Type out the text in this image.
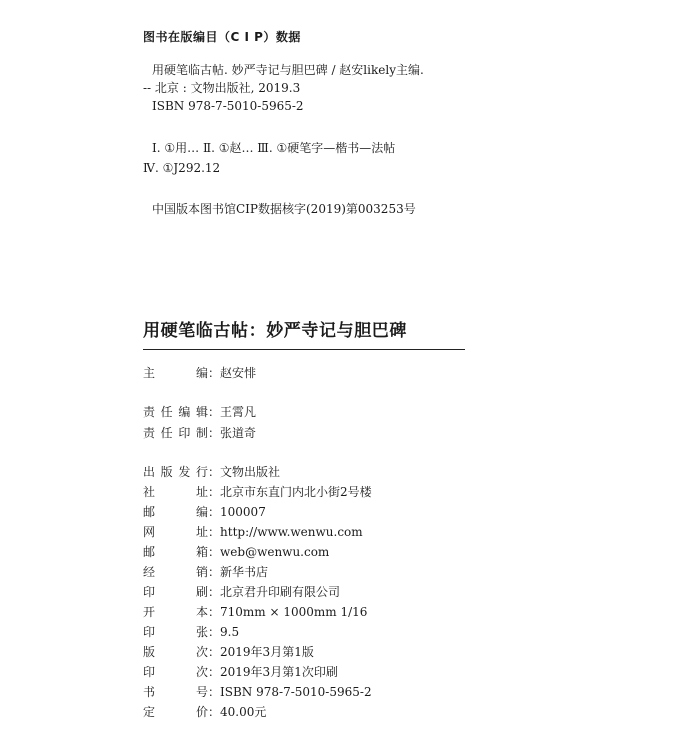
图书在版编目（C I P）数据
用硬笔临古帖. 妙严寺记与胆巴碑 / 赵安likely主编.
-- 北京 : 文物出版社, 2019.3
ISBN 978-7-5010-5965-2
Ⅰ. ①用… Ⅱ. ①赵… Ⅲ. ①硬笔字—楷书—法帖
Ⅳ. ①J292.12
中国版本图书馆CIP数据核字(2019)第003253号
用硬笔临古帖：妙严寺记与胆巴碑
主编：赵安悱
责任编辑：王霄凡
责任印制：张道奇
出版发行：文物出版社
社址：北京市东直门内北小街2号楼
邮编：100007
网址：http://www.wenwu.com
邮箱：web@wenwu.com
经销：新华书店
印刷：北京君升印刷有限公司
开本：710mm × 1000mm 1/16
印张：9.5
版次：2019年3月第1版
印次：2019年3月第1次印刷
书号：ISBN 978-7-5010-5965-2
定价：40.00元
